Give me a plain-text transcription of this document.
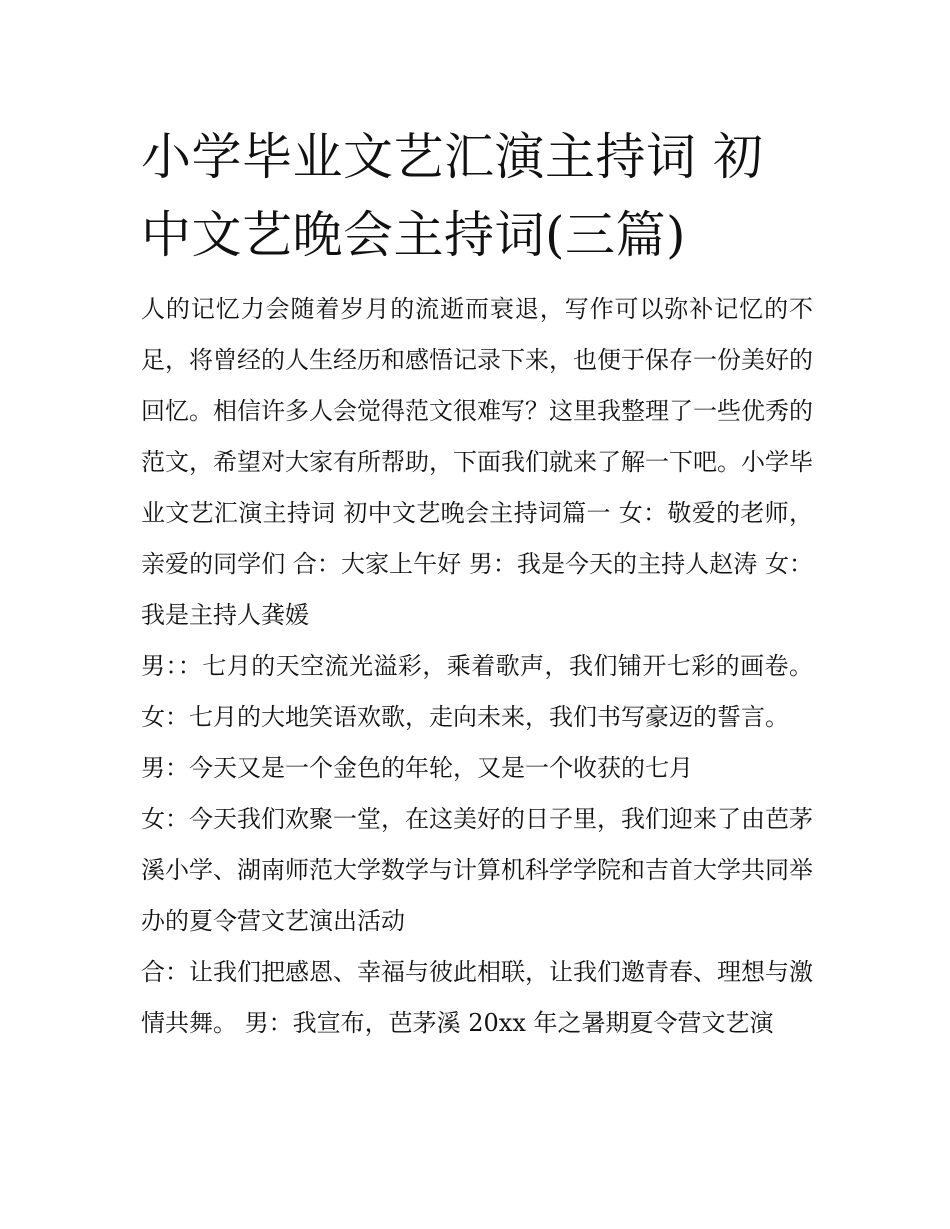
小学毕业文艺汇演主持词 初中文艺晚会主持词(三篇)

人的记忆力会随着岁月的流逝而衰退，写作可以弥补记忆的不足，将曾经的人生经历和感悟记录下来，也便于保存一份美好的回忆。相信许多人会觉得范文很难写？这里我整理了一些优秀的范文，希望对大家有所帮助，下面我们就来了解一下吧。小学毕业文艺汇演主持词 初中文艺晚会主持词篇一 女：敬爱的老师，亲爱的同学们 合：大家上午好 男：我是今天的主持人赵涛 女：我是主持人龚媛

男：：七月的天空流光溢彩，乘着歌声，我们铺开七彩的画卷。 女：七月的大地笑语欢歌，走向未来，我们书写豪迈的誓言。

男：今天又是一个金色的年轮，又是一个收获的七月

女：今天我们欢聚一堂，在这美好的日子里，我们迎来了由芭茅溪小学、湖南师范大学数学与计算机科学学院和吉首大学共同举办的夏令营文艺演出活动

合：让我们把感恩、幸福与彼此相联，让我们邀青春、理想与激情共舞。 男：我宣布，芭茅溪 20xx 年之暑期夏令营文艺演
